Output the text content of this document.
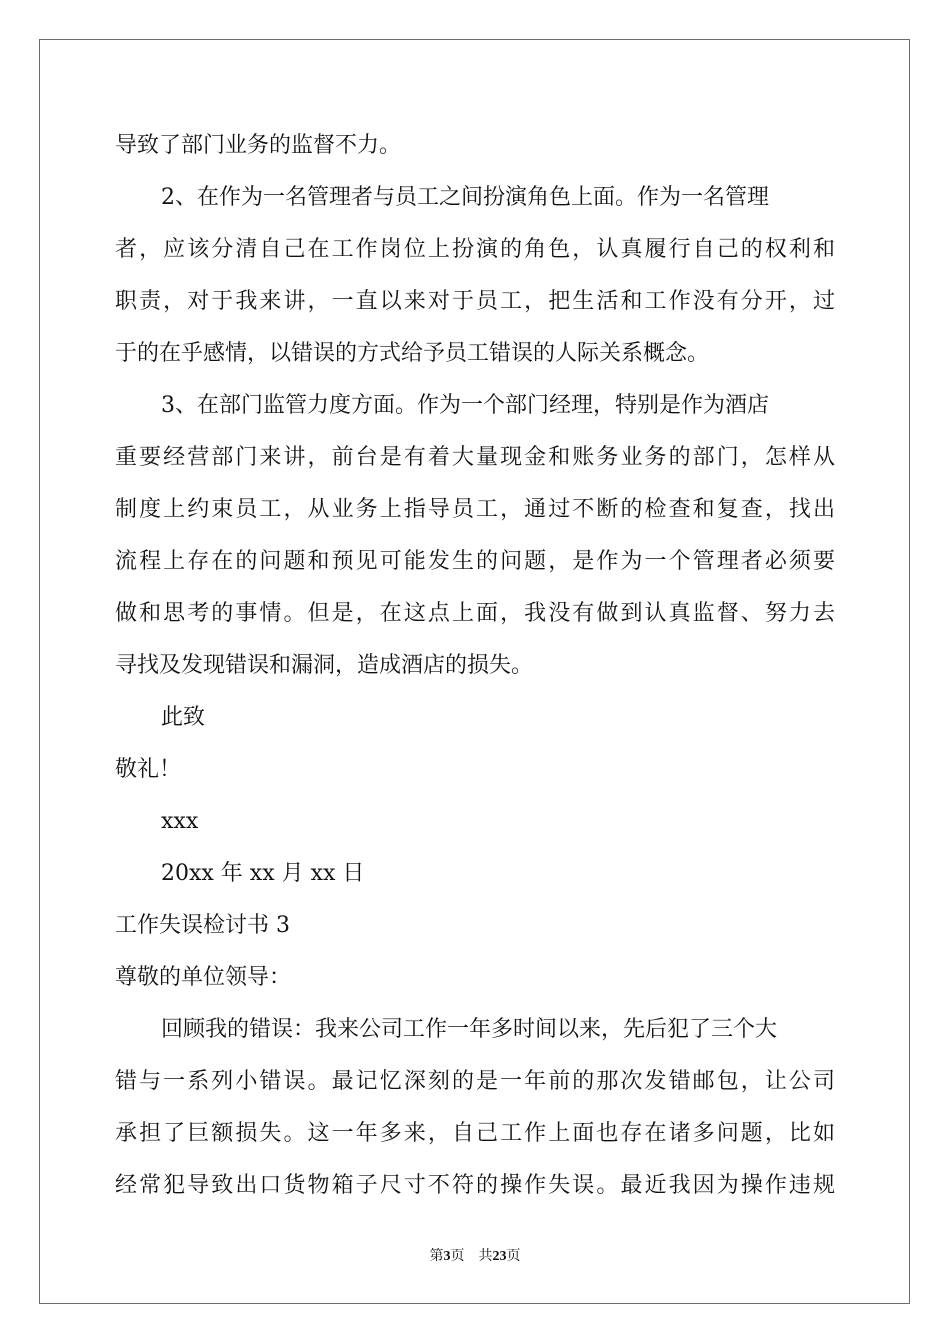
导致了部门业务的监督不力。
2、在作为一名管理者与员工之间扮演角色上面。作为一名管理
者，应该分清自己在工作岗位上扮演的角色，认真履行自己的权利和
职责，对于我来讲，一直以来对于员工，把生活和工作没有分开，过
于的在乎感情，以错误的方式给予员工错误的人际关系概念。
3、在部门监管力度方面。作为一个部门经理，特别是作为酒店
重要经营部门来讲，前台是有着大量现金和账务业务的部门，怎样从
制度上约束员工，从业务上指导员工，通过不断的检查和复查，找出
流程上存在的问题和预见可能发生的问题，是作为一个管理者必须要
做和思考的事情。但是，在这点上面，我没有做到认真监督、努力去
寻找及发现错误和漏洞，造成酒店的损失。
此致
敬礼！
xxx
20xx 年 xx 月 xx 日
工作失误检讨书 3
尊敬的单位领导：
回顾我的错误：我来公司工作一年多时间以来，先后犯了三个大
错与一系列小错误。最记忆深刻的是一年前的那次发错邮包，让公司
承担了巨额损失。这一年多来，自己工作上面也存在诸多问题，比如
经常犯导致出口货物箱子尺寸不符的操作失误。最近我因为操作违规
第3页　共23页
